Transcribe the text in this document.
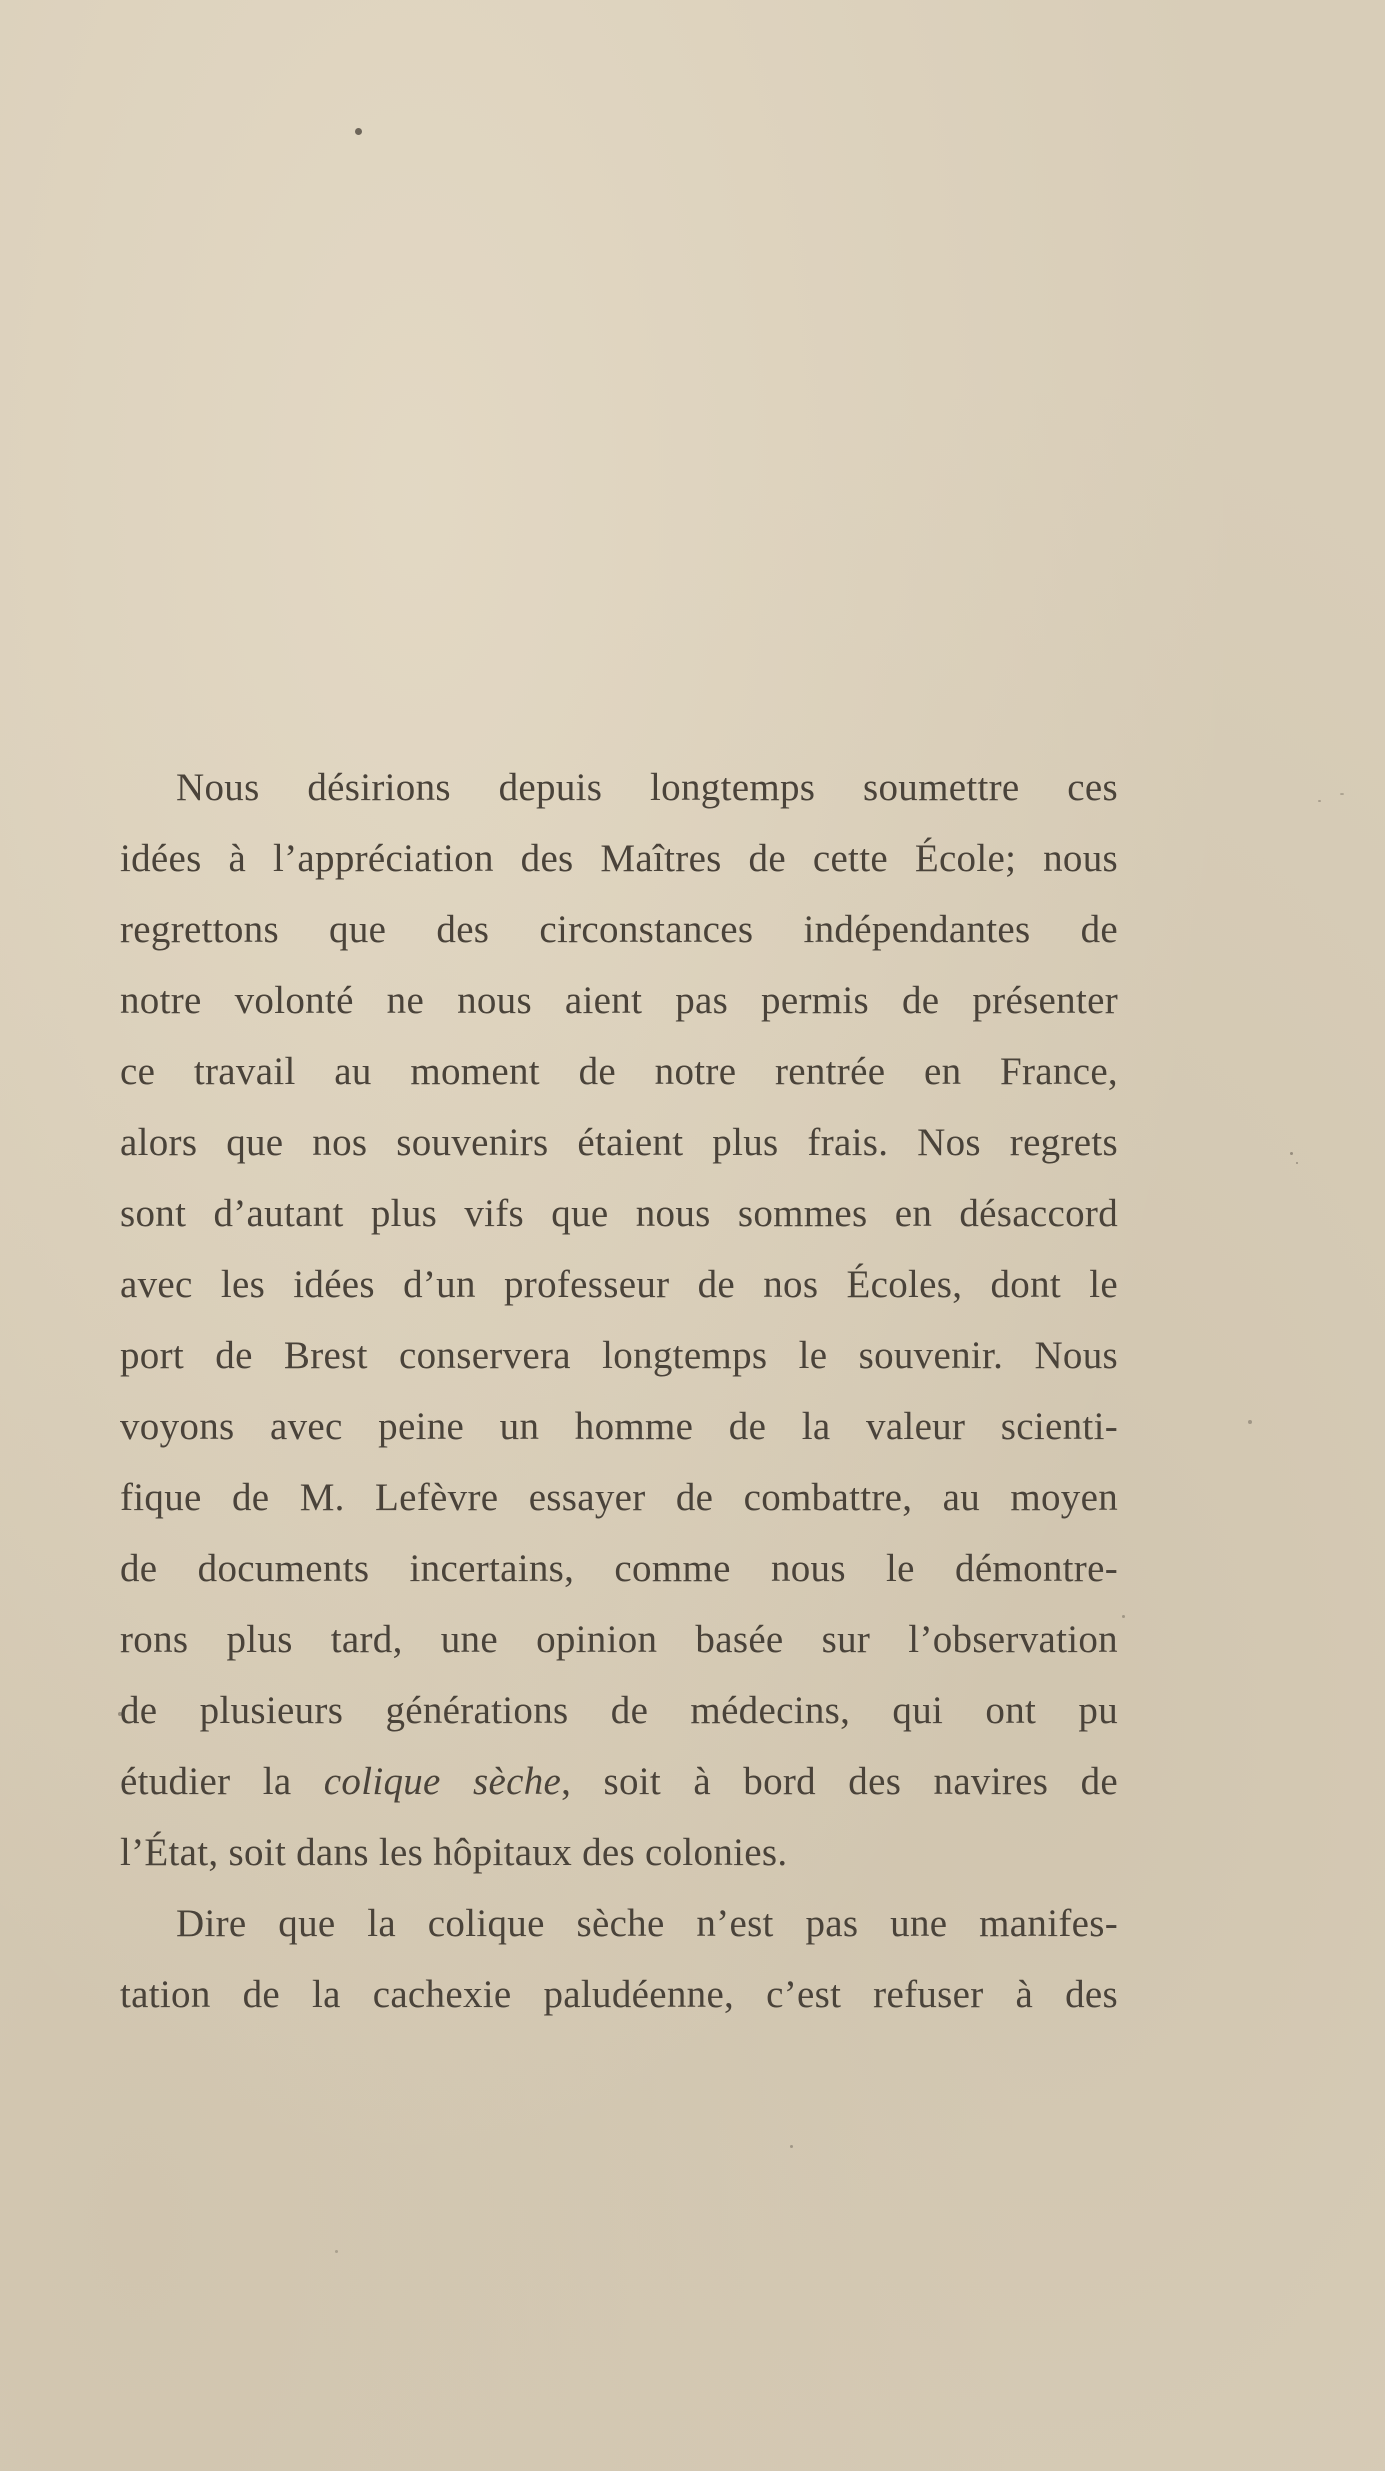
Nous désirions depuis longtemps soumettre ces
idées à l’appréciation des Maîtres de cette École; nous
regrettons que des circonstances indépendantes de
notre volonté ne nous aient pas permis de présenter
ce travail au moment de notre rentrée en France,
alors que nos souvenirs étaient plus frais. Nos regrets
sont d’autant plus vifs que nous sommes en désaccord
avec les idées d’un professeur de nos Écoles, dont le
port de Brest conservera longtemps le souvenir. Nous
voyons avec peine un homme de la valeur scienti-
fique de M. Lefèvre essayer de combattre, au moyen
de documents incertains, comme nous le démontre-
rons plus tard, une opinion basée sur l’observation
de plusieurs générations de médecins, qui ont pu
étudier la colique sèche, soit à bord des navires de
l’État, soit dans les hôpitaux des colonies.
Dire que la colique sèche n’est pas une manifes-
tation de la cachexie paludéenne, c’est refuser à des
